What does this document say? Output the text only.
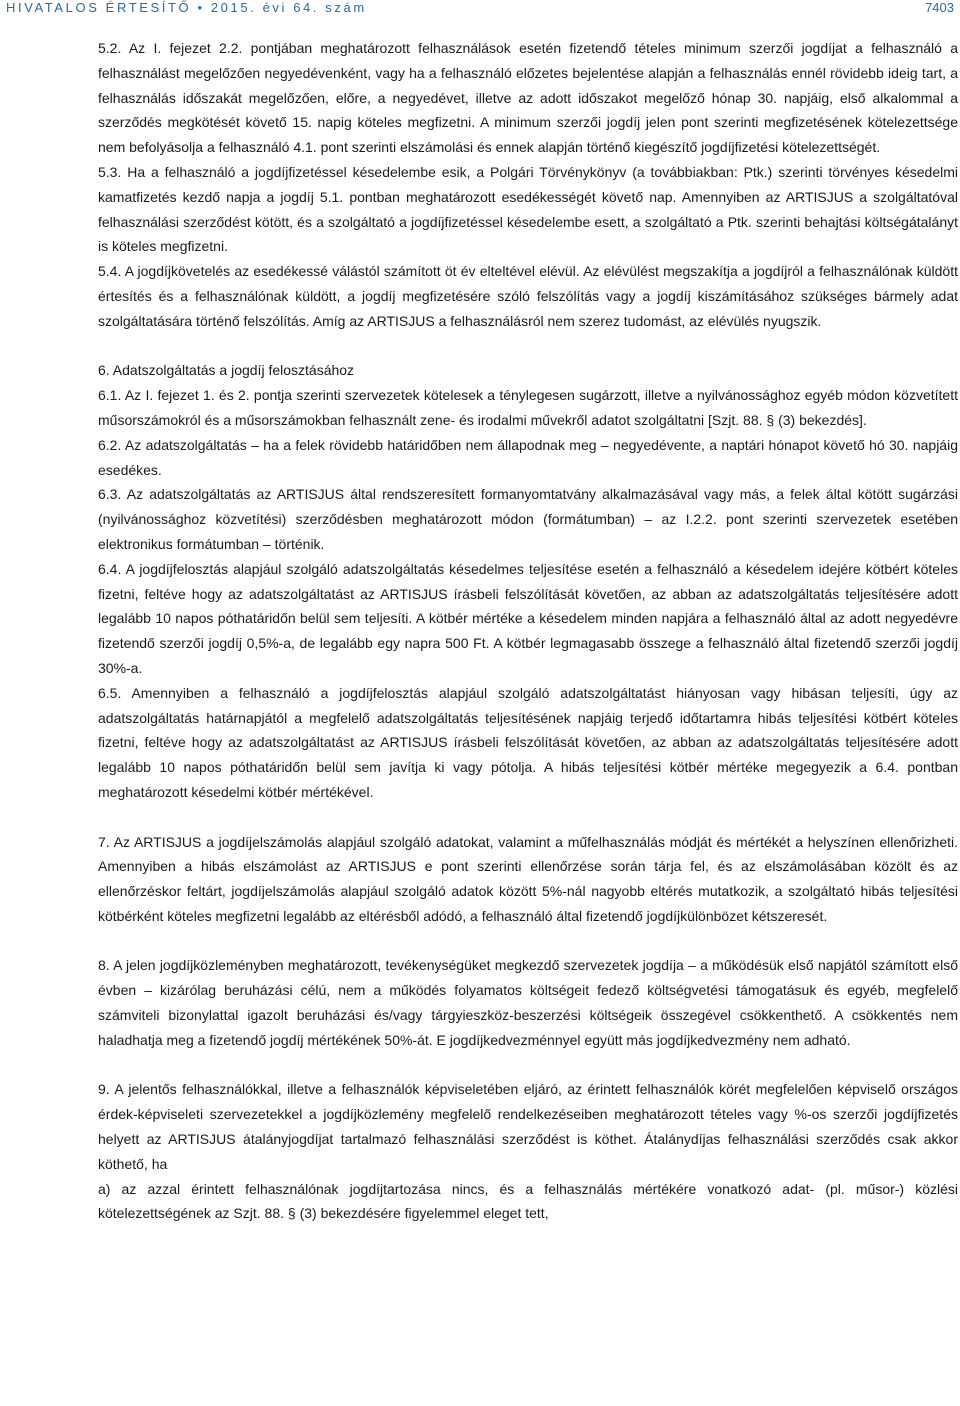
HIVATALOS ÉRTESÍTŐ • 2015. évi 64. szám	7403

5.2. Az I. fejezet 2.2. pontjában meghatározott felhasználások esetén fizetendő tételes minimum szerzői jogdíjat a felhasználó a felhasználást megelőzően negyedévenként, vagy ha a felhasználó előzetes bejelentése alapján a felhasználás ennél rövidebb ideig tart, a felhasználás időszakát megelőzően, előre, a negyedévet, illetve az adott időszakot megelőző hónap 30. napjáig, első alkalommal a szerződés megkötését követő 15. napig köteles megfizetni. A minimum szerzői jogdíj jelen pont szerinti megfizetésének kötelezettsége nem befolyásolja a felhasználó 4.1. pont szerinti elszámolási és ennek alapján történő kiegészítő jogdíjfizetési kötelezettségét.

5.3. Ha a felhasználó a jogdíjfizetéssel késedelembe esik, a Polgári Törvénykönyv (a továbbiakban: Ptk.) szerinti törvényes késedelmi kamatfizetés kezdő napja a jogdíj 5.1. pontban meghatározott esedékességét követő nap. Amennyiben az ARTISJUS a szolgáltatóval felhasználási szerződést kötött, és a szolgáltató a jogdíjfizetéssel késedelembe esett, a szolgáltató a Ptk. szerinti behajtási költségátalányt is köteles megfizetni.

5.4. A jogdíjkövetelés az esedékessé válástól számított öt év elteltével elévül. Az elévülést megszakítja a jogdíjról a felhasználónak küldött értesítés és a felhasználónak küldött, a jogdíj megfizetésére szóló felszólítás vagy a jogdíj kiszámításához szükséges bármely adat szolgáltatására történő felszólítás. Amíg az ARTISJUS a felhasználásról nem szerez tudomást, az elévülés nyugszik.

6. Adatszolgáltatás a jogdíj felosztásához

6.1. Az I. fejezet 1. és 2. pontja szerinti szervezetek kötelesek a ténylegesen sugárzott, illetve a nyilvánossághoz egyéb módon közvetített műsorszámokról és a műsorszámokban felhasznált zene- és irodalmi művekről adatot szolgáltatni [Szjt. 88. § (3) bekezdés].

6.2. Az adatszolgáltatás – ha a felek rövidebb határidőben nem állapodnak meg – negyedévente, a naptári hónapot követő hó 30. napjáig esedékes.

6.3. Az adatszolgáltatás az ARTISJUS által rendszeresített formanyomtatvány alkalmazásával vagy más, a felek által kötött sugárzási (nyilvánossághoz közvetítési) szerződésben meghatározott módon (formátumban) – az I.2.2. pont szerinti szervezetek esetében elektronikus formátumban – történik.

6.4. A jogdíjfelosztás alapjául szolgáló adatszolgáltatás késedelmes teljesítése esetén a felhasználó a késedelem idejére kötbért köteles fizetni, feltéve hogy az adatszolgáltatást az ARTISJUS írásbeli felszólítását követően, az abban az adatszolgáltatás teljesítésére adott legalább 10 napos póthatáridőn belül sem teljesíti. A kötbér mértéke a késedelem minden napjára a felhasználó által az adott negyedévre fizetendő szerzői jogdíj 0,5%-a, de legalább egy napra 500 Ft. A kötbér legmagasabb összege a felhasználó által fizetendő szerzői jogdíj 30%-a.

6.5. Amennyiben a felhasználó a jogdíjfelosztás alapjául szolgáló adatszolgáltatást hiányosan vagy hibásan teljesíti, úgy az adatszolgáltatás határnapjától a megfelelő adatszolgáltatás teljesítésének napjáig terjedő időtartamra hibás teljesítési kötbért köteles fizetni, feltéve hogy az adatszolgáltatást az ARTISJUS írásbeli felszólítását követően, az abban az adatszolgáltatás teljesítésére adott legalább 10 napos póthatáridőn belül sem javítja ki vagy pótolja. A hibás teljesítési kötbér mértéke megegyezik a 6.4. pontban meghatározott késedelmi kötbér mértékével.

7. Az ARTISJUS a jogdíjelszámolás alapjául szolgáló adatokat, valamint a műfelhasználás módját és mértékét a helyszínen ellenőrizheti. Amennyiben a hibás elszámolást az ARTISJUS e pont szerinti ellenőrzése során tárja fel, és az elszámolásában közölt és az ellenőrzéskor feltárt, jogdíjelszámolás alapjául szolgáló adatok között 5%-nál nagyobb eltérés mutatkozik, a szolgáltató hibás teljesítési kötbérként köteles megfizetni legalább az eltérésből adódó, a felhasználó által fizetendő jogdíjkülönbözet kétszeresét.

8. A jelen jogdíjközleményben meghatározott, tevékenységüket megkezdő szervezetek jogdíja – a működésük első napjától számított első évben – kizárólag beruházási célú, nem a működés folyamatos költségeit fedező költségvetési támogatásuk és egyéb, megfelelő számviteli bizonylattal igazolt beruházási és/vagy tárgyieszköz-beszerzési költségeik összegével csökkenthető. A csökkentés nem haladhatja meg a fizetendő jogdíj mértékének 50%-át. E jogdíjkedvezménnyel együtt más jogdíjkedvezmény nem adható.

9. A jelentős felhasználókkal, illetve a felhasználók képviseletében eljáró, az érintett felhasználók körét megfelelően képviselő országos érdek-képviseleti szervezetekkel a jogdíjközlemény megfelelő rendelkezéseiben meghatározott tételes vagy %-os szerzői jogdíjfizetés helyett az ARTISJUS átalányjogdíjat tartalmazó felhasználási szerződést is köthet. Átalánydíjas felhasználási szerződés csak akkor köthető, ha

a) az azzal érintett felhasználónak jogdíjtartozása nincs, és a felhasználás mértékére vonatkozó adat- (pl. műsor-) közlési kötelezettségének az Szjt. 88. § (3) bekezdésére figyelemmel eleget tett,
